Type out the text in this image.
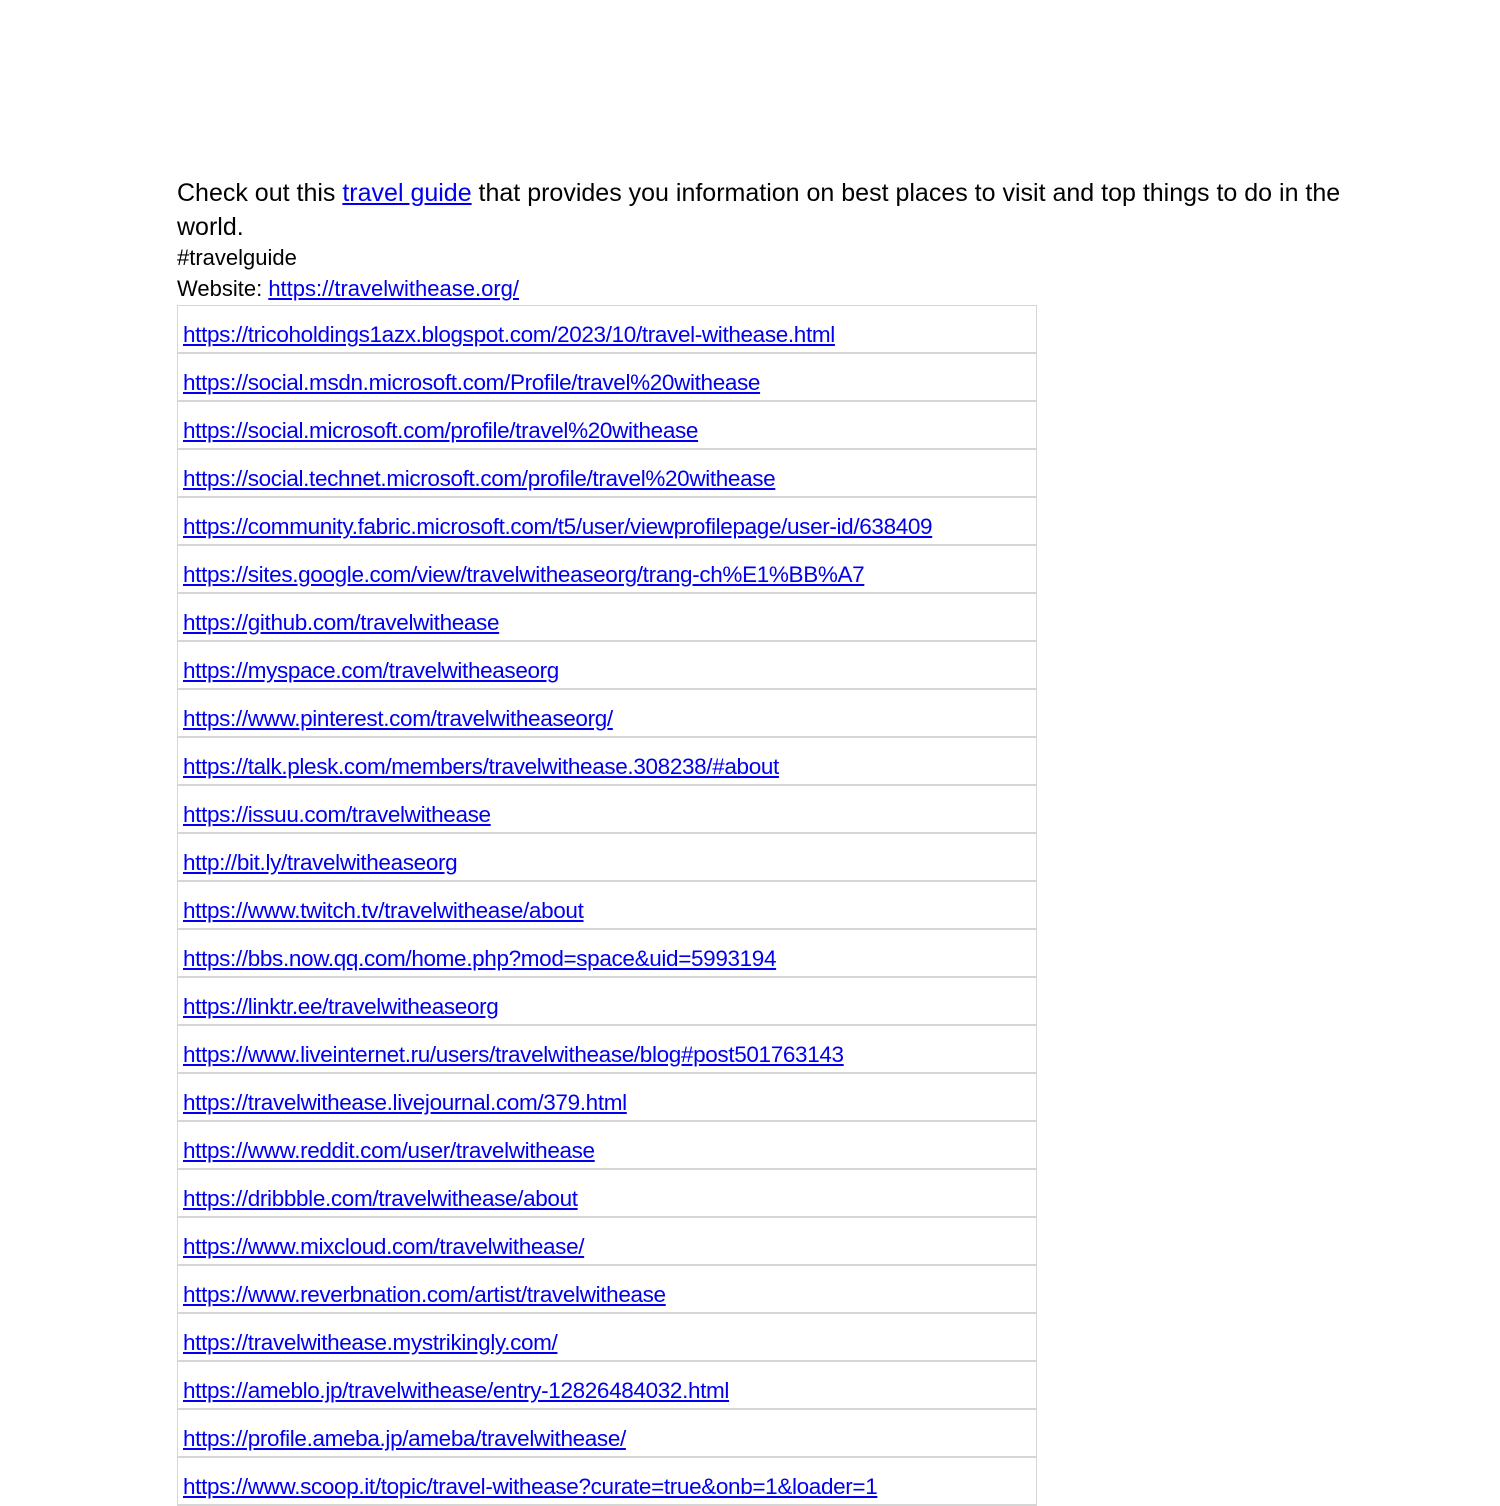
Check out this travel guide that provides you information on best places to visit and top things to do in the world.
#travelguide
Website: https://travelwithease.org/
https://tricoholdings1azx.blogspot.com/2023/10/travel-withease.html
https://social.msdn.microsoft.com/Profile/travel%20withease
https://social.microsoft.com/profile/travel%20withease
https://social.technet.microsoft.com/profile/travel%20withease
https://community.fabric.microsoft.com/t5/user/viewprofilepage/user-id/638409
https://sites.google.com/view/travelwitheaseorg/trang-ch%E1%BB%A7
https://github.com/travelwithease
https://myspace.com/travelwitheaseorg
https://www.pinterest.com/travelwitheaseorg/
https://talk.plesk.com/members/travelwithease.308238/#about
https://issuu.com/travelwithease
http://bit.ly/travelwitheaseorg
https://www.twitch.tv/travelwithease/about
https://bbs.now.qq.com/home.php?mod=space&uid=5993194
https://linktr.ee/travelwitheaseorg
https://www.liveinternet.ru/users/travelwithease/blog#post501763143
https://travelwithease.livejournal.com/379.html
https://www.reddit.com/user/travelwithease
https://dribbble.com/travelwithease/about
https://www.mixcloud.com/travelwithease/
https://www.reverbnation.com/artist/travelwithease
https://travelwithease.mystrikingly.com/
https://ameblo.jp/travelwithease/entry-12826484032.html
https://profile.ameba.jp/ameba/travelwithease/
https://www.scoop.it/topic/travel-withease?curate=true&onb=1&loader=1
